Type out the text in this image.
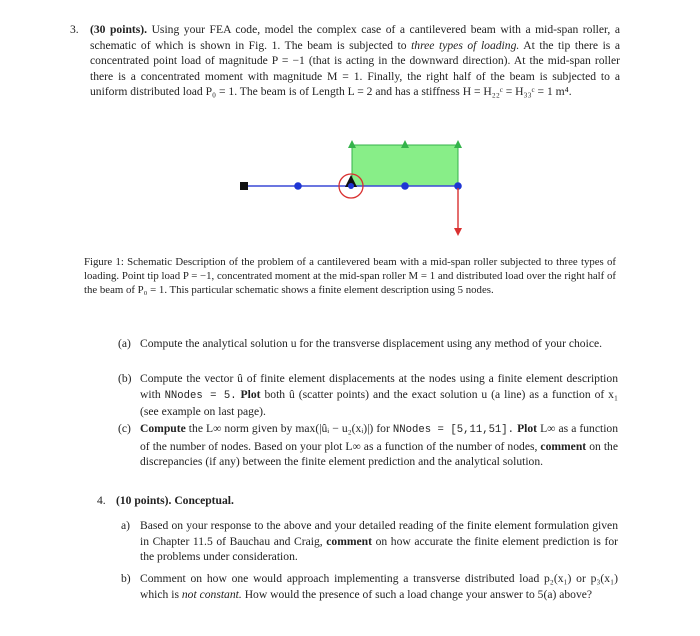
3. (30 points). Using your FEA code, model the complex case of a cantilevered beam with a mid-span roller, a schematic of which is shown in Fig. 1. The beam is subjected to three types of loading. At the tip there is a concentrated point load of magnitude P = −1 (that is acting in the downward direction). At the mid-span roller there is a concentrated moment with magnitude M = 1. Finally, the right half of the beam is subjected to a uniform distributed load P₀ = 1. The beam is of Length L = 2 and has a stiffness H = H₂₂ᶜ = H₃₃ᶜ = 1 m⁴.
Figure 1: Schematic Description of the problem of a cantilevered beam with a mid-span roller subjected to three types of loading. Point tip load P = −1, concentrated moment at the mid-span roller M = 1 and distributed load over the right half of the beam of P₀ = 1. This particular schematic shows a finite element description using 5 nodes.
(a) Compute the analytical solution u for the transverse displacement using any method of your choice.
(b) Compute the vector û of finite element displacements at the nodes using a finite element description with NNodes = 5. Plot both û (scatter points) and the exact solution u (a line) as a function of x₁ (see example on last page).
(c) Compute the L∞ norm given by max(|ûᵢ − u₂(xᵢ)|) for NNodes = [5,11,51]. Plot L∞ as a function of the number of nodes. Based on your plot L∞ as a function of the number of nodes, comment on the discrepancies (if any) between the finite element prediction and the analytical solution.
4. (10 points). Conceptual.
a) Based on your response to the above and your detailed reading of the finite element formulation given in Chapter 11.5 of Bauchau and Craig, comment on how accurate the finite element prediction is for the problems under consideration.
b) Comment on how one would approach implementing a transverse distributed load p₂(x₁) or p₃(x₁) which is not constant. How would the presence of such a load change your answer to 5(a) above?
